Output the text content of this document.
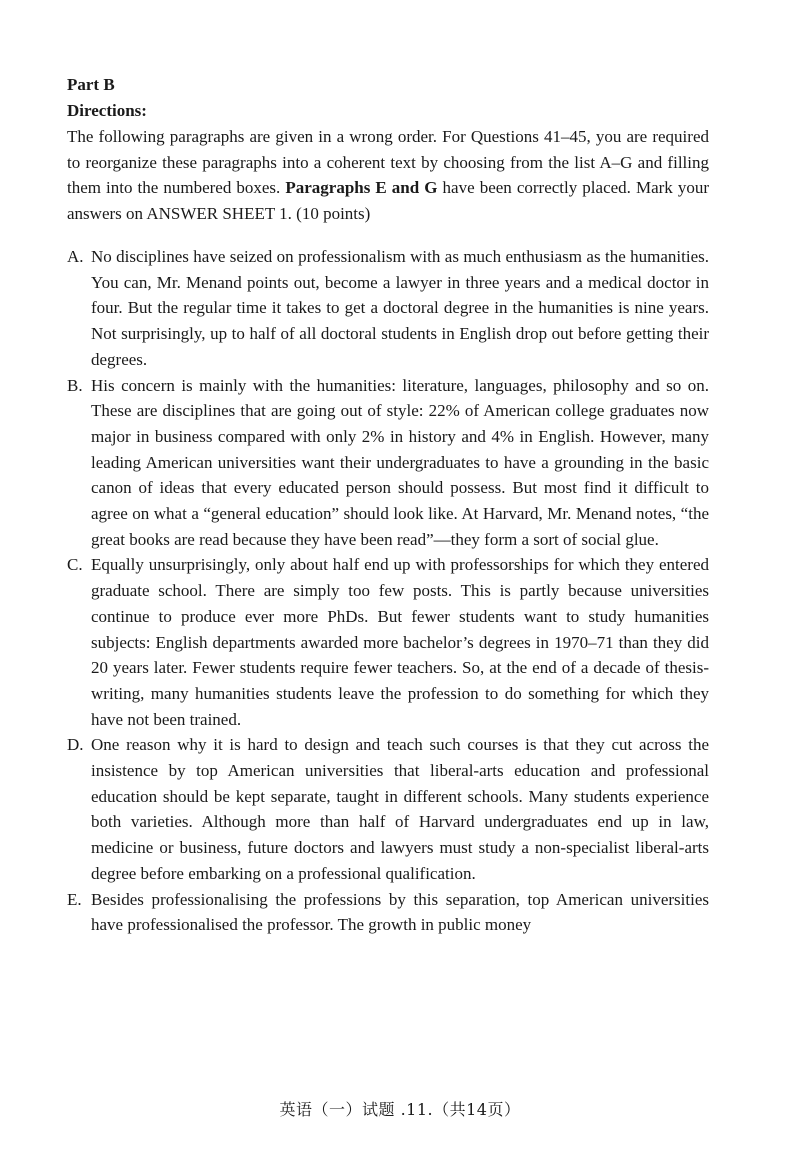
Part B
Directions:

The following paragraphs are given in a wrong order. For Questions 41–45, you are required to reorganize these paragraphs into a coherent text by choosing from the list A–G and filling them into the numbered boxes. Paragraphs E and G have been correctly placed. Mark your answers on ANSWER SHEET 1. (10 points)

A. No disciplines have seized on professionalism with as much enthusiasm as the humanities. You can, Mr. Menand points out, become a lawyer in three years and a medical doctor in four. But the regular time it takes to get a doctoral degree in the humanities is nine years. Not surprisingly, up to half of all doctoral students in English drop out before getting their degrees.
B. His concern is mainly with the humanities: literature, languages, philosophy and so on. These are disciplines that are going out of style: 22% of American college graduates now major in business compared with only 2% in history and 4% in English. However, many leading American universities want their undergraduates to have a grounding in the basic canon of ideas that every educated person should possess. But most find it difficult to agree on what a “general education” should look like. At Harvard, Mr. Menand notes, “the great books are read because they have been read”—they form a sort of social glue.
C. Equally unsurprisingly, only about half end up with professorships for which they entered graduate school. There are simply too few posts. This is partly because universities continue to produce ever more PhDs. But fewer students want to study humanities subjects: English departments awarded more bachelor’s degrees in 1970–71 than they did 20 years later. Fewer students require fewer teachers. So, at the end of a decade of thesis-writing, many humanities students leave the profession to do something for which they have not been trained.
D. One reason why it is hard to design and teach such courses is that they cut across the insistence by top American universities that liberal-arts education and professional education should be kept separate, taught in different schools. Many students experience both varieties. Although more than half of Harvard undergraduates end up in law, medicine or business, future doctors and lawyers must study a non-specialist liberal-arts degree before embarking on a professional qualification.
E. Besides professionalising the professions by this separation, top American universities have professionalised the professor. The growth in public money
英语（一）试题 .11.（共14页）
